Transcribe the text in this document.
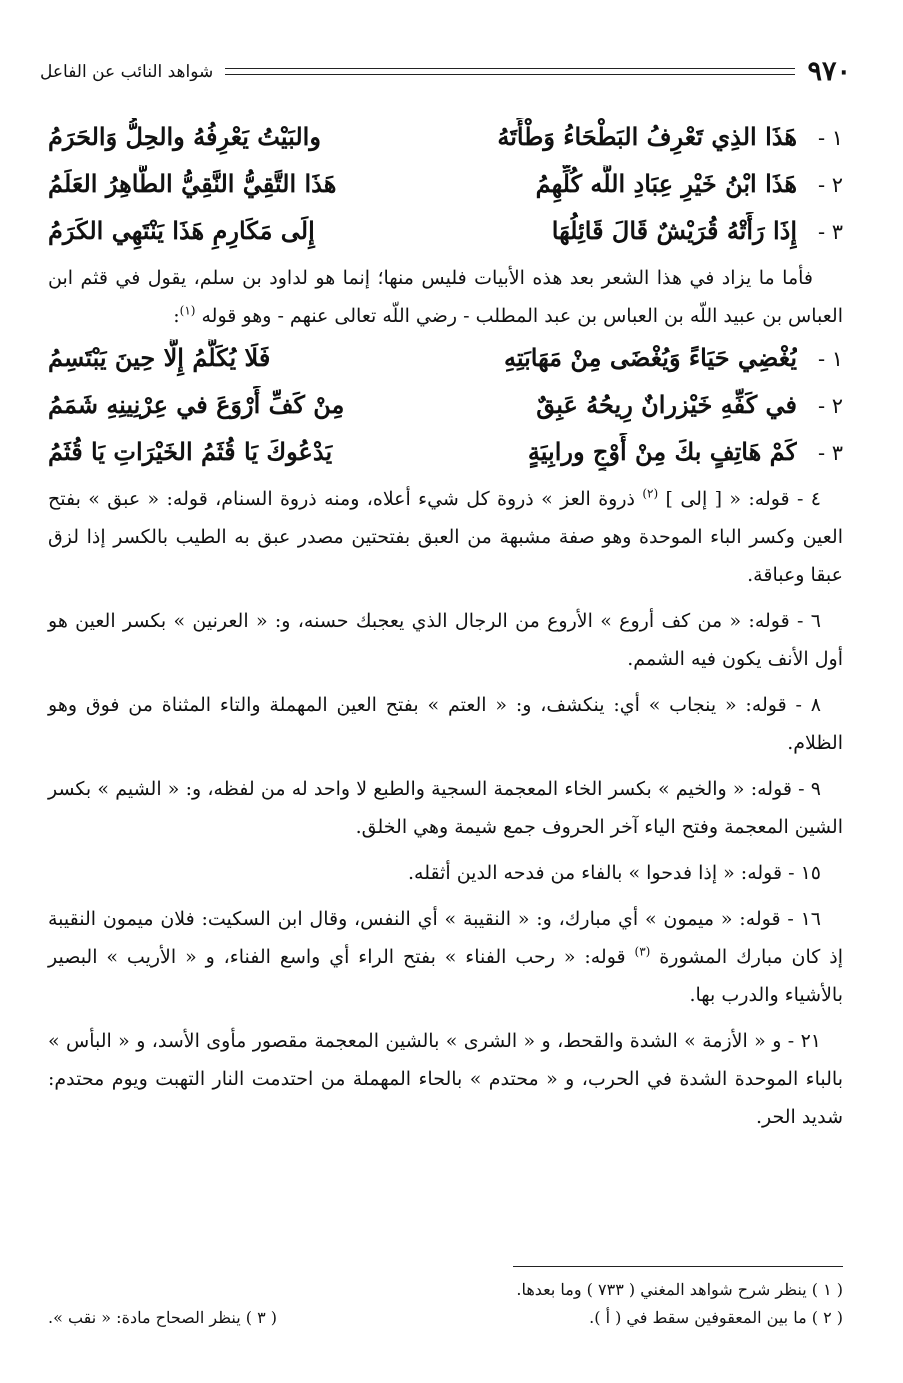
٩٧٠
شواهد النائب عن الفاعل
١ -
هَذَا الذِي تَعْرِفُ البَطْحَاءُ وَطْأَتَهُ
والبَيْتُ يَعْرِفُهُ والحِلُّ وَالحَرَمُ
٢ -
هَذَا ابْنُ خَيْرِ عِبَادِ اللَّه كُلِّهِمُ
هَذَا التَّقِيُّ النَّقِيُّ الطَّاهِرُ العَلَمُ
٣ -
إِذَا رَأَتْهُ قُرَيْشٌ قَالَ قَائِلُهَا
إِلَى مَكَارِمِ هَذَا يَنْتَهِي الكَرَمُ

فأما ما يزاد في هذا الشعر بعد هذه الأبيات فليس منها؛ إنما هو لداود بن سلم، يقول في قثم ابن العباس بن عبيد اللّه بن العباس بن عبد المطلب - رضي اللّه تعالى عنهم - وهو قوله $^{(١)}$:

١ -
يُغْضِي حَيَاءً وَيُغْضَى مِنْ مَهَابَتِهِ
فَلَا يُكَلَّمُ إِلَّا حِينَ يَبْتَسِمُ
٢ -
في كَفِّهِ خَيْزرانٌ رِيحُهُ عَبِقٌ
مِنْ كَفِّ أَرْوَعَ في عِرْنِينِهِ شَمَمُ
٣ -
كَمْ هَاتِفٍ بكَ مِنْ أَوْجٍ ورابِيَةٍ
يَدْعُوكَ يَا قُثَمُ الخَيْرَاتِ يَا قُثَمُ

٤ - قوله: « [ إلى ] $^{(٢)}$ ذروة العز » ذروة كل شيء أعلاه، ومنه ذروة السنام، قوله: « عبق » بفتح العين وكسر الباء الموحدة وهو صفة مشبهة من العبق بفتحتين مصدر عبق به الطيب بالكسر إذا لزق عبقا وعباقة.

٦ - قوله: « من كف أروع » الأروع من الرجال الذي يعجبك حسنه، و: « العرنين » بكسر العين هو أول الأنف يكون فيه الشمم.

٨ - قوله: « ينجاب » أي: ينكشف، و: « العتم » بفتح العين المهملة والتاء المثناة من فوق وهو الظلام.

٩ - قوله: « والخيم » بكسر الخاء المعجمة السجية والطبع لا واحد له من لفظه، و: « الشيم » بكسر الشين المعجمة وفتح الياء آخر الحروف جمع شيمة وهي الخلق.

١٥ - قوله: « إذا فدحوا » بالفاء من فدحه الدين أثقله.

١٦ - قوله: « ميمون » أي مبارك، و: « النقيبة » أي النفس، وقال ابن السكيت: فلان ميمون النقيبة إذ كان مبارك المشورة $^{(٣)}$ قوله: « رحب الفناء » بفتح الراء أي واسع الفناء، و « الأريب » البصير بالأشياء والدرب بها.

٢١ - و « الأزمة » الشدة والقحط، و « الشرى » بالشين المعجمة مقصور مأوى الأسد، و « البأس » بالباء الموحدة الشدة في الحرب، و « محتدم » بالحاء المهملة من احتدمت النار التهبت ويوم محتدم: شديد الحر.

( ١ ) ينظر شرح شواهد المغني ( ٧٣٣ ) وما بعدها.
( ٢ ) ما بين المعقوفين سقط في ( أ ).
( ٣ ) ينظر الصحاح مادة: « نقب ».
